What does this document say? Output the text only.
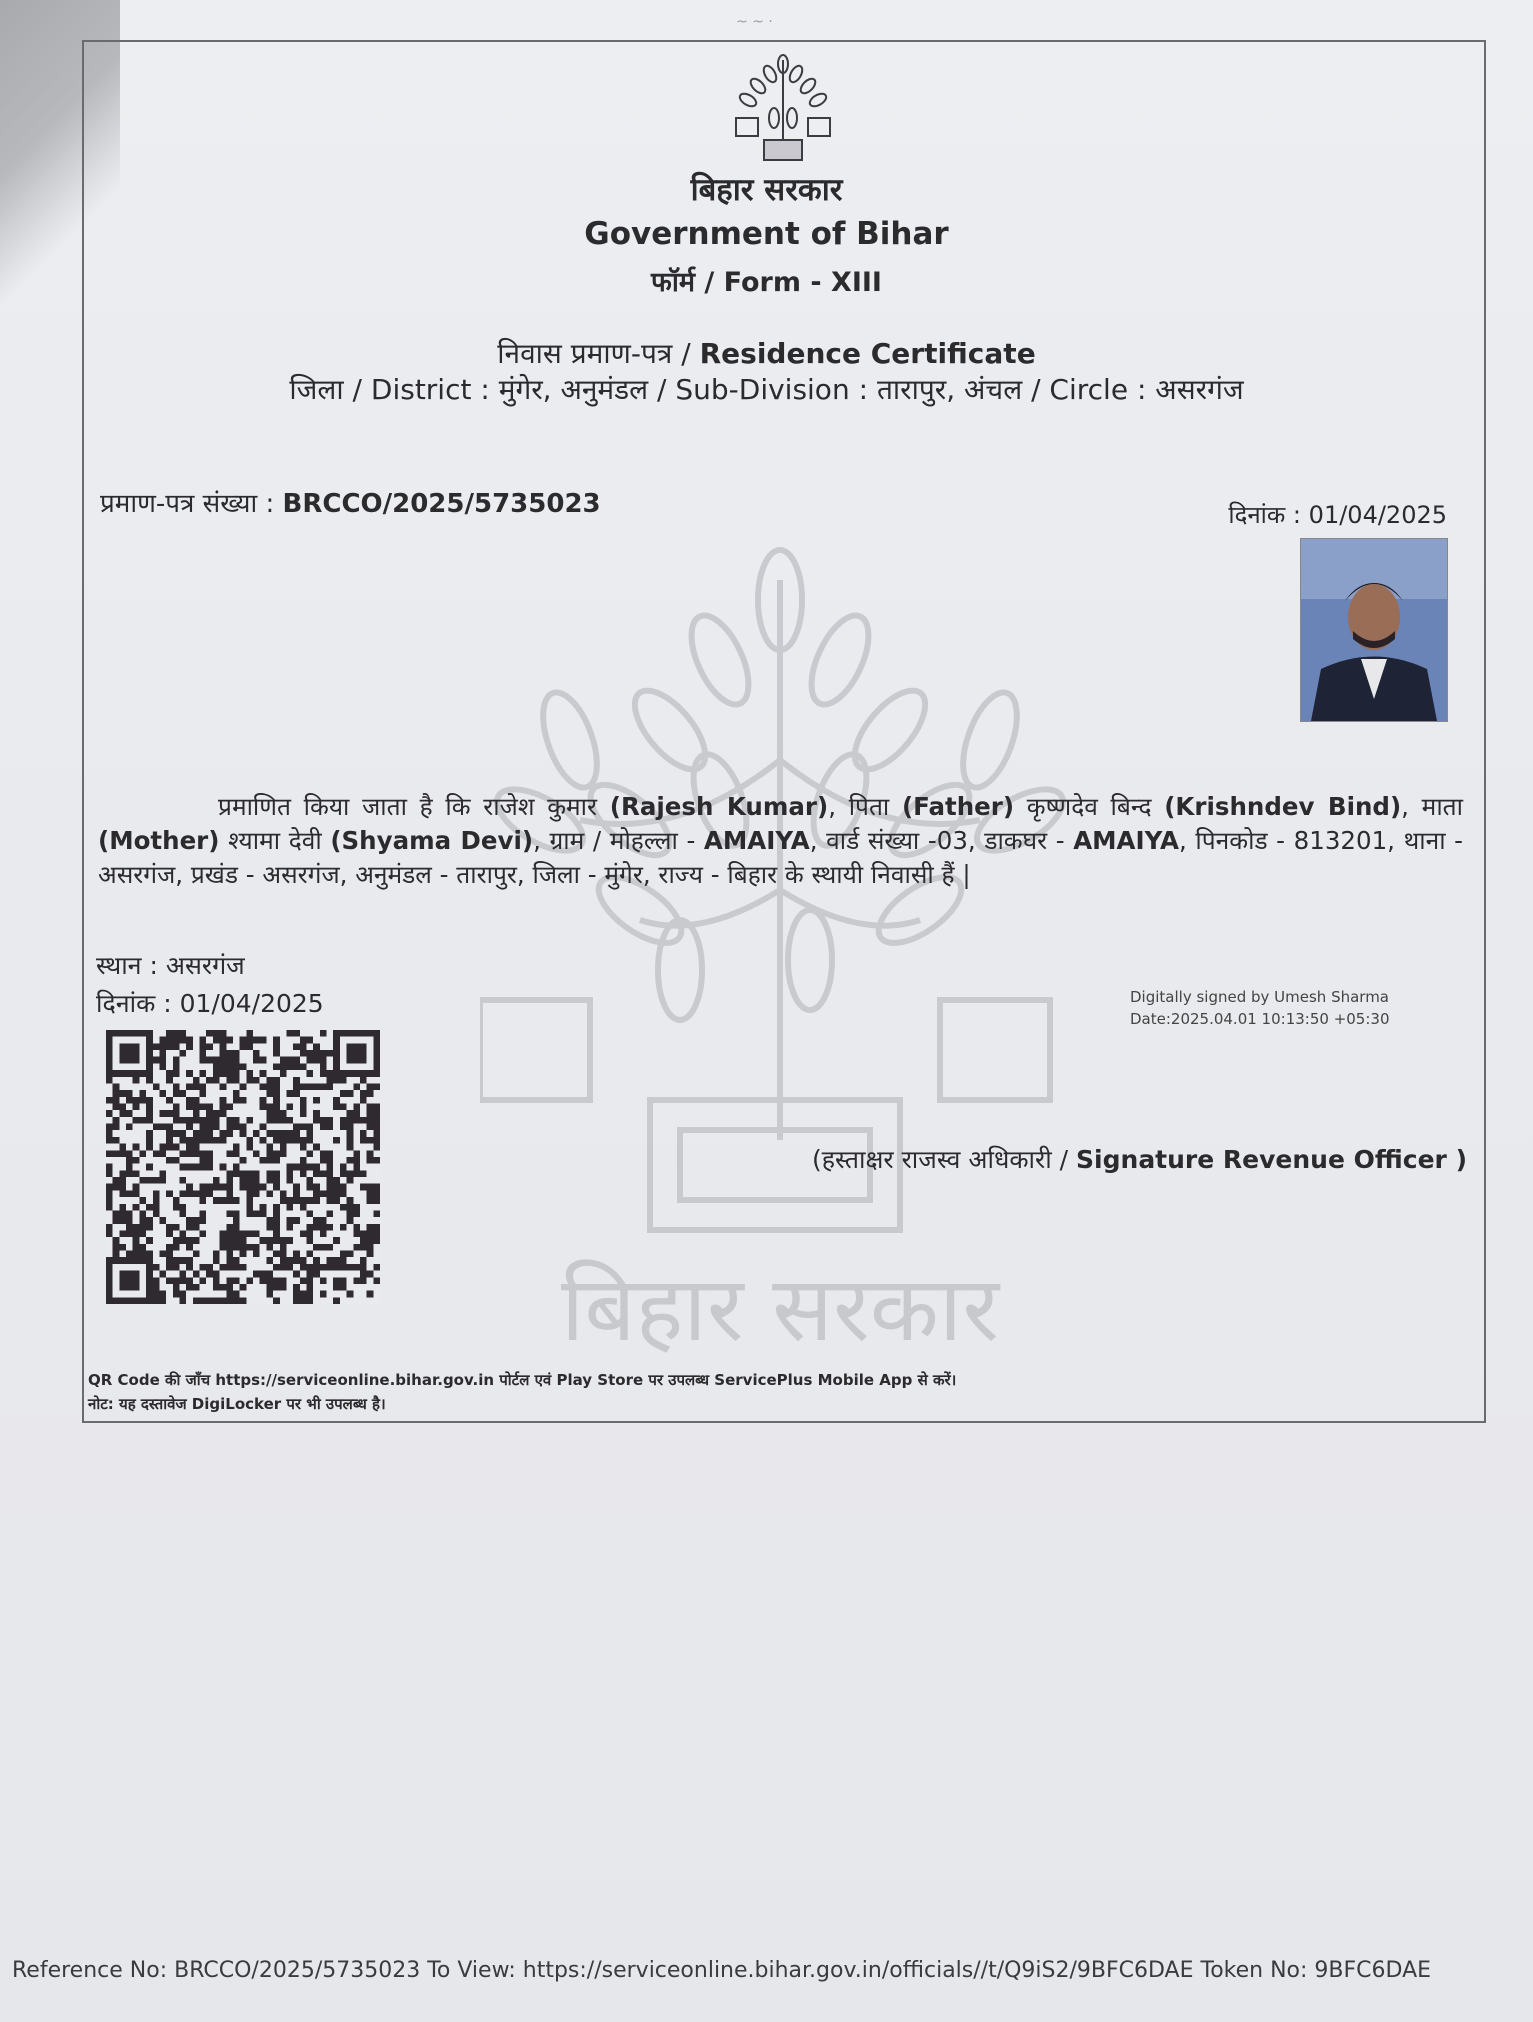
बिहार सरकार
~ ~ ·
बिहार सरकार
Government of Bihar
फॉर्म / Form - XIII
निवास प्रमाण-पत्र / Residence Certificate
जिला / District : मुंगेर, अनुमंडल / Sub-Division : तारापुर, अंचल / Circle : असरगंज
प्रमाण-पत्र संख्या : BRCCO/2025/5735023	दिनांक : 01/04/2025
प्रमाणित किया जाता है कि राजेश कुमार (Rajesh Kumar), पिता (Father) कृष्णदेव बिन्द (Krishndev Bind), माता (Mother) श्यामा देवी (Shyama Devi), ग्राम / मोहल्ला - AMAIYA, वार्ड संख्या -03, डाकघर - AMAIYA, पिनकोड - 813201, थाना - असरगंज, प्रखंड - असरगंज, अनुमंडल - तारापुर, जिला - मुंगेर, राज्य - बिहार के स्थायी निवासी हैं |
स्थान : असरगंज
दिनांक : 01/04/2025	Digitally signed by Umesh Sharma
Date:2025.04.01 10:13:50 +05:30
(हस्ताक्षर राजस्व अधिकारी / Signature Revenue Officer )
QR Code की जाँच https://serviceonline.bihar.gov.in पोर्टल एवं Play Store पर उपलब्ध ServicePlus Mobile App से करें।
नोट: यह दस्तावेज DigiLocker पर भी उपलब्ध है।
Reference No: BRCCO/2025/5735023 To View: https://serviceonline.bihar.gov.in/officials//t/Q9iS2/9BFC6DAE Token No: 9BFC6DAE
